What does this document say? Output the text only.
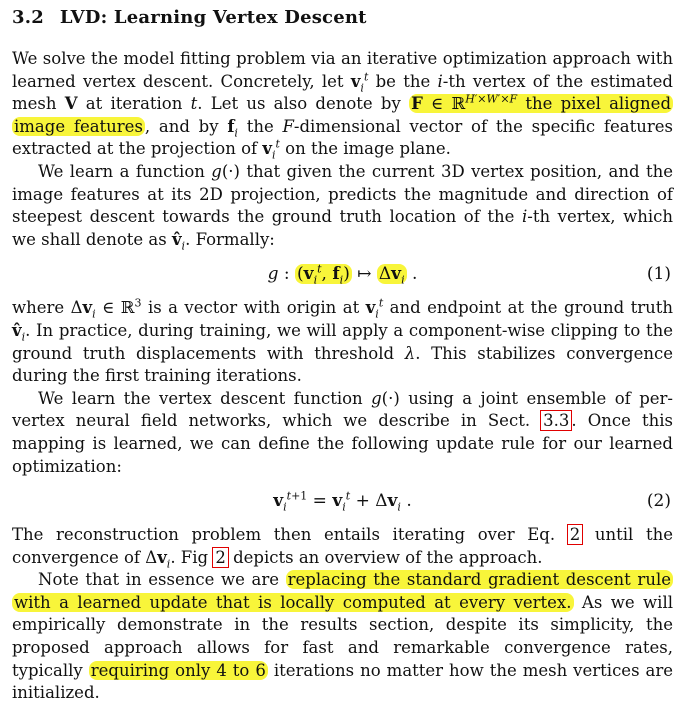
3.2 LVD: Learning Vertex Descent

We solve the model fitting problem via an iterative optimization approach with learned vertex descent. Concretely, let $v_i^t$ be the i-th vertex of the estimated mesh V at iteration t. Let us also denote by F ∈ ℝ$^{H'\times W'\times F}$ the pixel aligned image features , and by $f_i$ the F-dimensional vector of the specific features extracted at the projection of $v_i^t$ on the image plane.

We learn a function g(·) that given the current 3D vertex position, and the image features at its 2D projection, predicts the magnitude and direction of steepest descent towards the ground truth location of the i-th vertex, which we shall denote as $v̂_i$. Formally:

g : ($v_i^t$, $f_i$) ↦ $\Delta v_i$ .	(1)

where $\Delta v_i$ ∈ ℝ$^3$ is a vector with origin at $v_i^t$ and endpoint at the ground truth $v̂_i$. In practice, during training, we will apply a component-wise clipping to the ground truth displacements with threshold λ. This stabilizes convergence during the first training iterations.

We learn the vertex descent function g(·) using a joint ensemble of per-vertex neural field networks, which we describe in Sect. 3.3 . Once this mapping is learned, we can define the following update rule for our learned optimization:

$v_i^{t+1} = v_i^t + \Delta v_i$ .	(2)

The reconstruction problem then entails iterating over Eq. 2 until the convergence of $\Delta v_i$. Fig 2 depicts an overview of the approach.

Note that in essence we are replacing the standard gradient descent rule with a learned update that is locally computed at every vertex. As we will empirically demonstrate in the results section, despite its simplicity, the proposed approach allows for fast and remarkable convergence rates, typically requiring only 4 to 6 iterations no matter how the mesh vertices are initialized.
